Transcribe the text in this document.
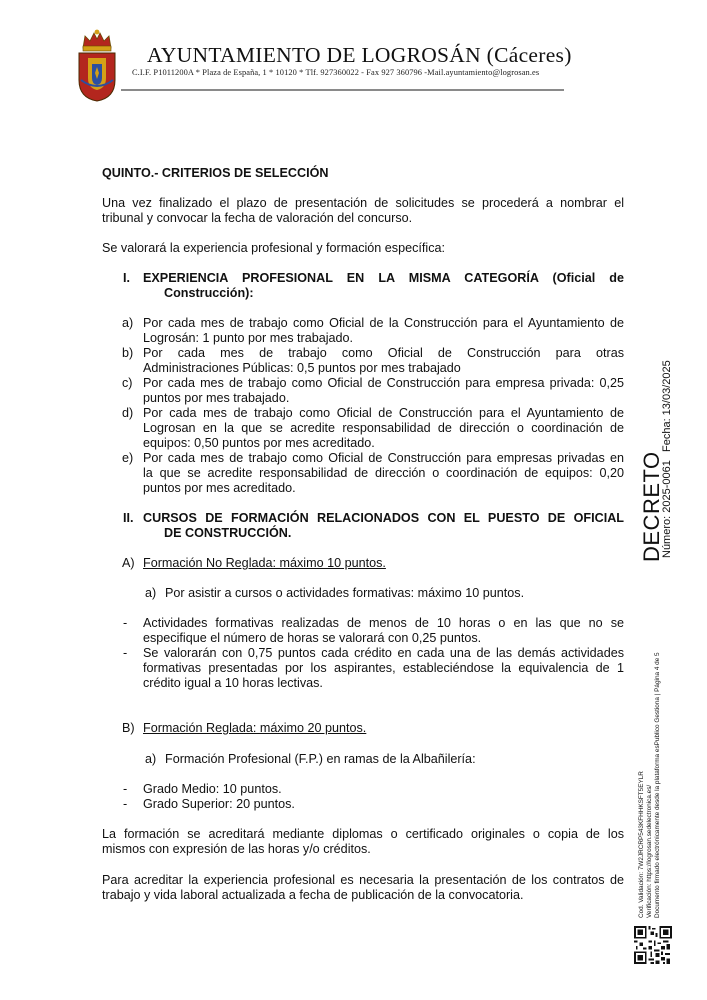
AYUNTAMIENTO DE LOGROSÁN (Cáceres)
C.I.F. P1011200A * Plaza de España, 1 * 10120 * Tlf. 927360022 - Fax 927 360796 -Mail.ayuntamiento@logrosan.es
QUINTO.- CRITERIOS DE SELECCIÓN
Una vez finalizado el plazo de presentación de solicitudes se procederá a nombrar el
tribunal y convocar la fecha de valoración del concurso.
Se valorará la experiencia profesional y formación específica:
I. EXPERIENCIA PROFESIONAL EN LA MISMA CATEGORÍA (Oficial de
Construcción):
a) Por cada mes de trabajo como Oficial de la Construcción para el Ayuntamiento de
Logrosán: 1 punto por mes trabajado.
b) Por cada mes de trabajo como Oficial de Construcción para otras
Administraciones Públicas: 0,5 puntos por mes trabajado
c) Por cada mes de trabajo como Oficial de Construcción para empresa privada: 0,25
puntos por mes trabajado.
d) Por cada mes de trabajo como Oficial de Construcción para el Ayuntamiento de
Logrosan en la que se acredite responsabilidad de dirección o coordinación de
equipos: 0,50 puntos por mes acreditado.
e) Por cada mes de trabajo como Oficial de Construcción para empresas privadas en
la que se acredite responsabilidad de dirección o coordinación de equipos: 0,20
puntos por mes acreditado.
II. CURSOS DE FORMACIÓN RELACIONADOS CON EL PUESTO DE OFICIAL
DE CONSTRUCCIÓN.
A) Formación No Reglada: máximo 10 puntos.
a) Por asistir a cursos o actividades formativas: máximo 10 puntos.
- Actividades formativas realizadas de menos de 10 horas o en las que no se
especifique el número de horas se valorará con 0,25 puntos.
- Se valorarán con 0,75 puntos cada crédito en cada una de las demás actividades
formativas presentadas por los aspirantes, estableciéndose la equivalencia de 1
crédito igual a 10 horas lectivas.
B) Formación Reglada: máximo 20 puntos.
a) Formación Profesional (F.P.) en ramas de la Albañilería:
- Grado Medio: 10 puntos.
- Grado Superior: 20 puntos.
La formación se acreditará mediante diplomas o certificado originales o copia de los
mismos con expresión de las horas y/o créditos.
Para acreditar la experiencia profesional es necesaria la presentación de los contratos de
trabajo y vida laboral actualizada a fecha de publicación de la convocatoria.
DECRETO
Número: 2025-0061
Fecha: 13/03/2025
Cod. Validación: 7W2JRCRP543KFHHKSFT5EYLR Verificación: https://logrosan.sedelectronica.es/ Documento firmado electrónicamente desde la plataforma esPublico Gestiona | Página 4 de 5
